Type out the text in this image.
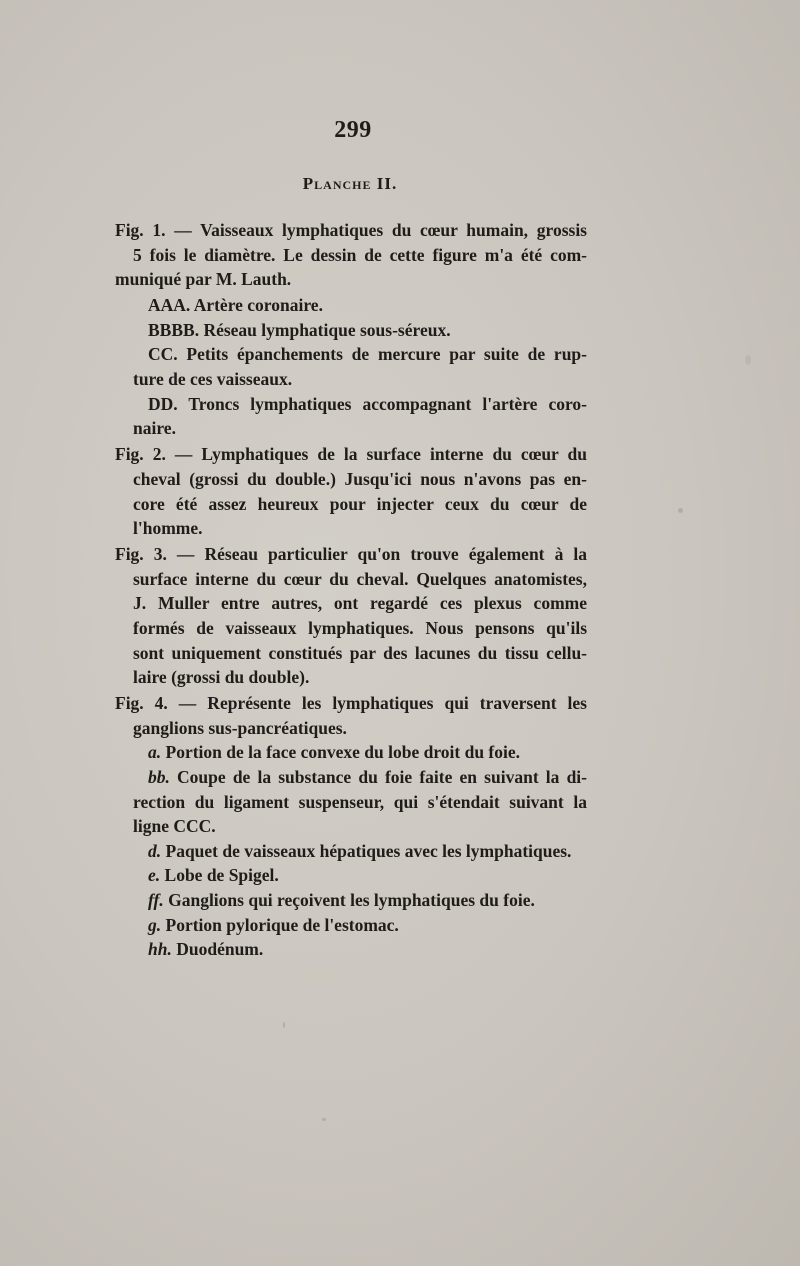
299
Planche II.
Fig. 1. — Vaisseaux lymphatiques du cœur humain, grossis
5 fois le diamètre. Le dessin de cette figure m'a été com-
muniqué par M. Lauth.
AAA. Artère coronaire.
BBBB. Réseau lymphatique sous-séreux.
CC. Petits épanchements de mercure par suite de rup-
ture de ces vaisseaux.
DD. Troncs lymphatiques accompagnant l'artère coro-
naire.
Fig. 2. — Lymphatiques de la surface interne du cœur du
cheval (grossi du double.) Jusqu'ici nous n'avons pas en-
core été assez heureux pour injecter ceux du cœur de
l'homme.
Fig. 3. — Réseau particulier qu'on trouve également à la
surface interne du cœur du cheval. Quelques anatomistes,
J. Muller entre autres, ont regardé ces plexus comme
formés de vaisseaux lymphatiques. Nous pensons qu'ils
sont uniquement constitués par des lacunes du tissu cellu-
laire (grossi du double).
Fig. 4. — Représente les lymphatiques qui traversent les
ganglions sus-pancréatiques.
a. Portion de la face convexe du lobe droit du foie.
bb. Coupe de la substance du foie faite en suivant la di-
rection du ligament suspenseur, qui s'étendait suivant la
ligne CCC.
d. Paquet de vaisseaux hépatiques avec les lymphatiques.
e. Lobe de Spigel.
ff. Ganglions qui reçoivent les lymphatiques du foie.
g. Portion pylorique de l'estomac.
hh. Duodénum.
